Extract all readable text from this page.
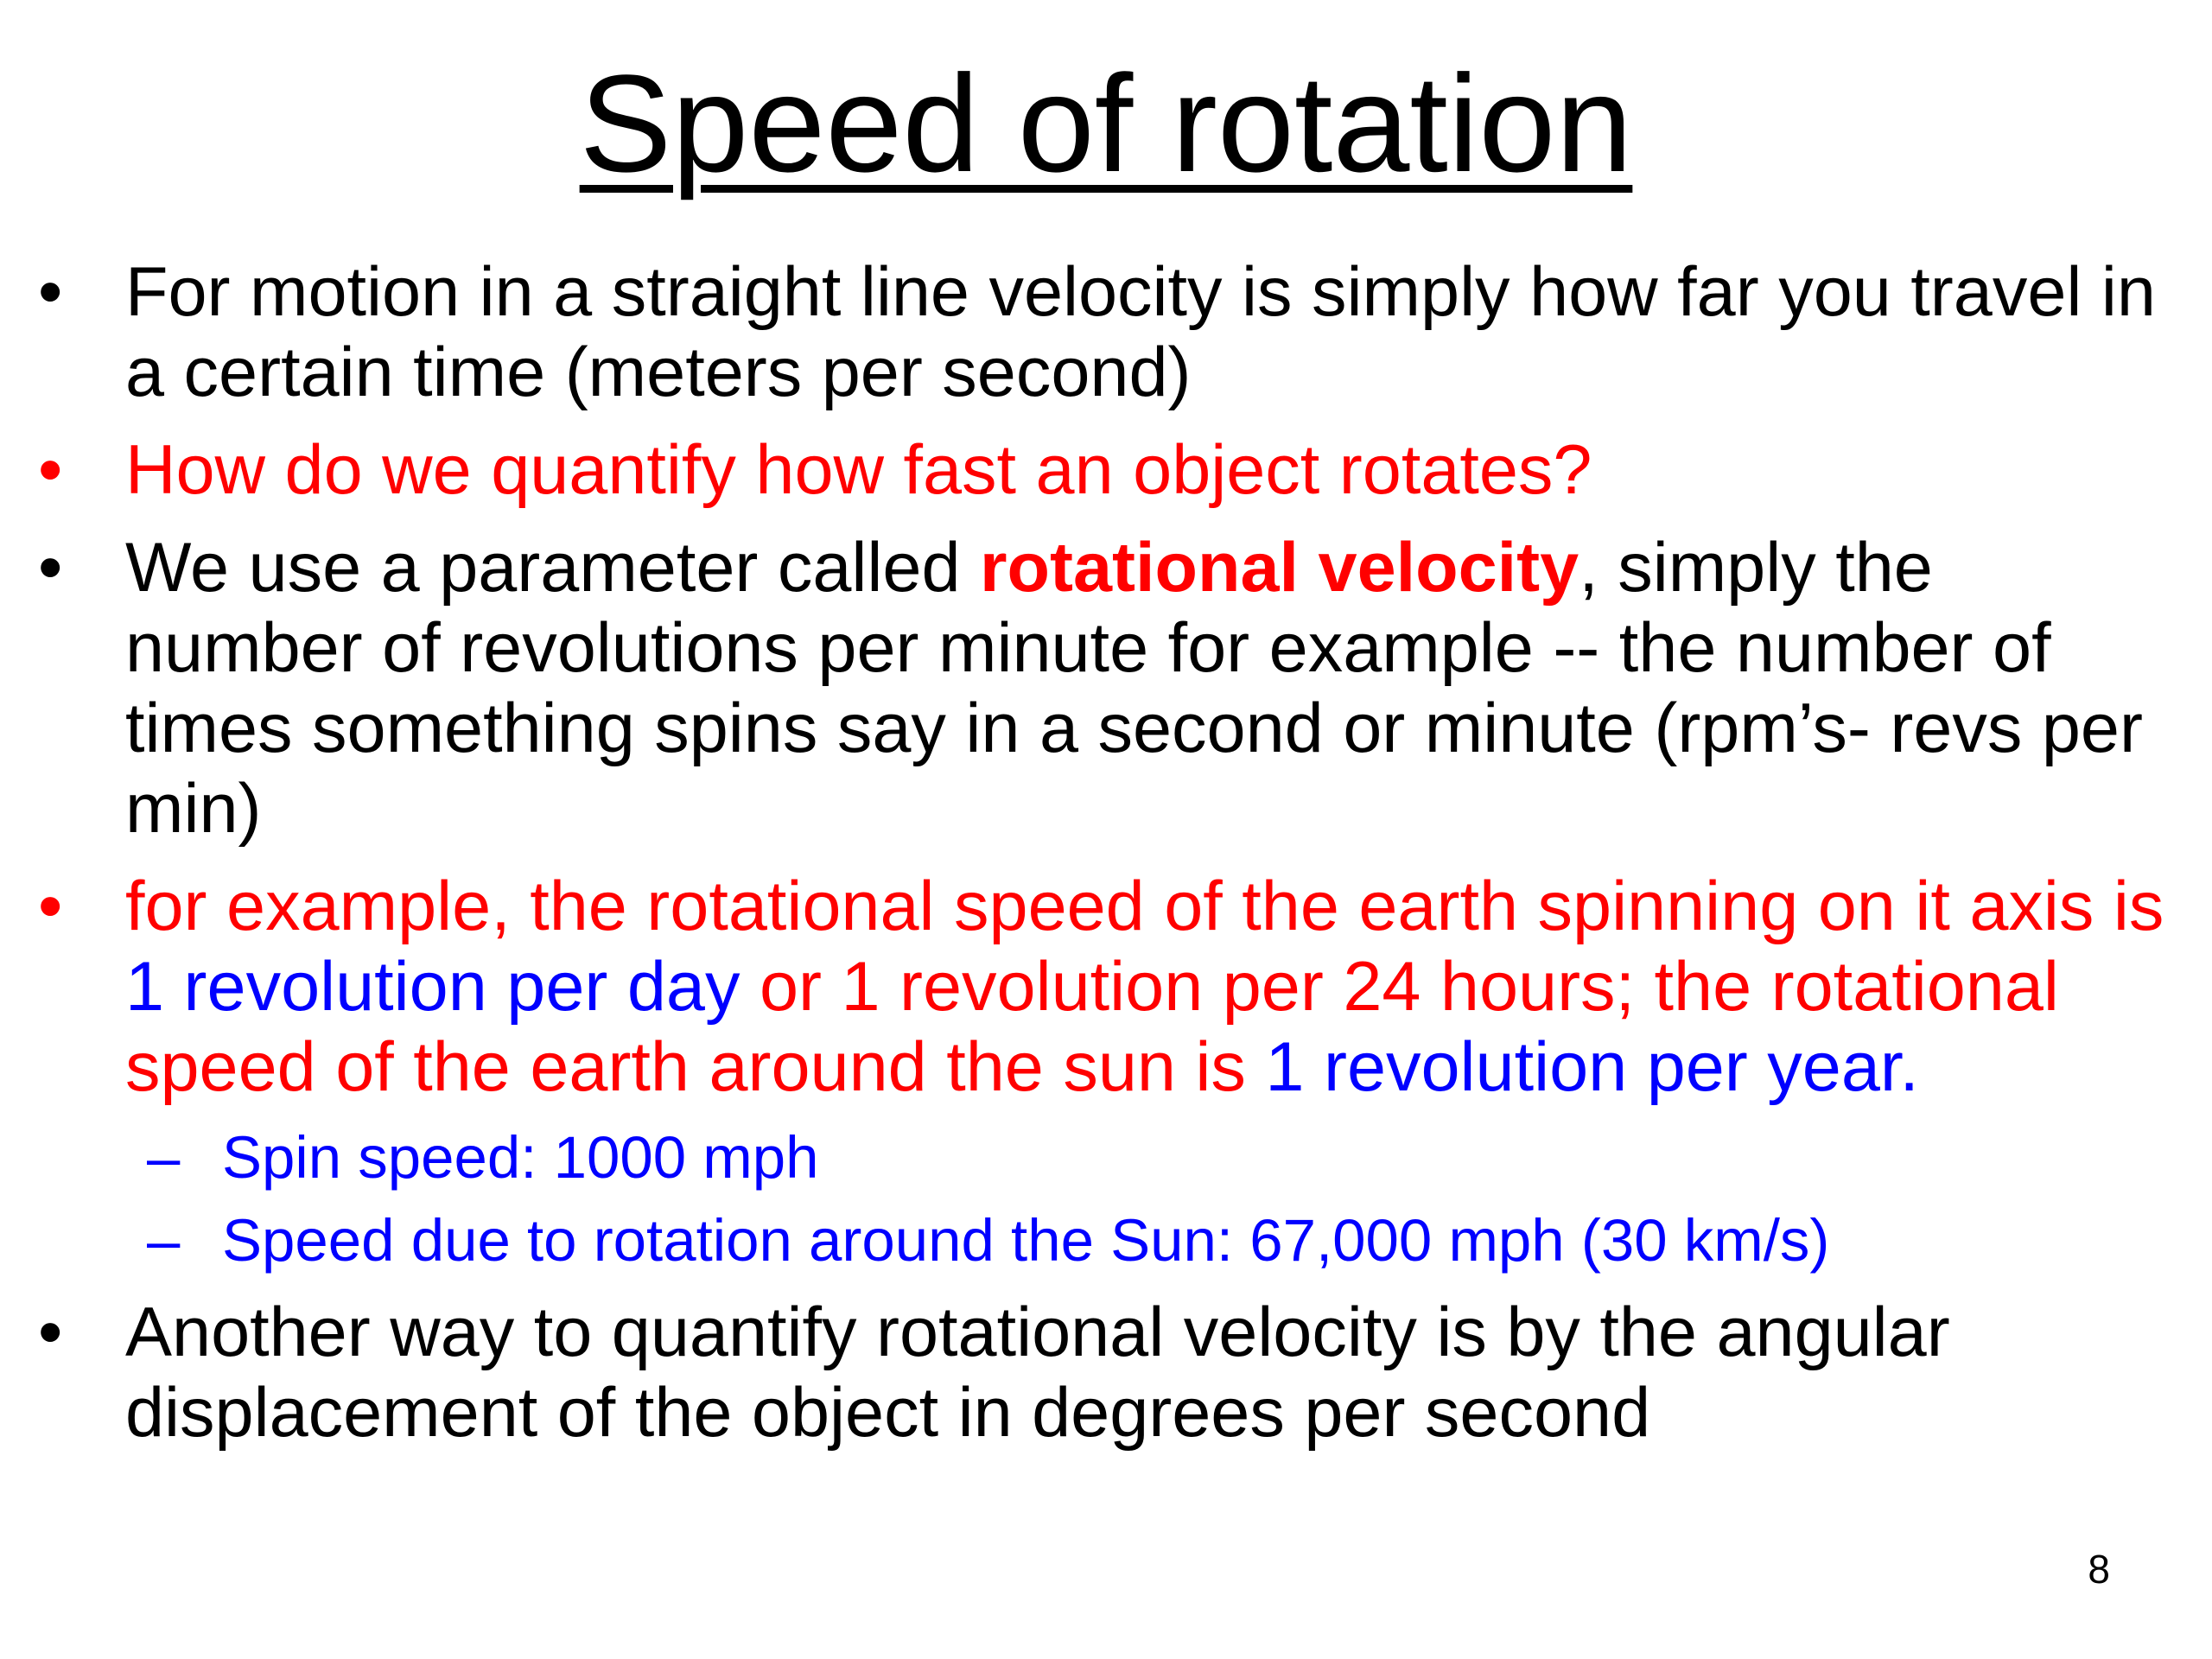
Speed of rotation
• For motion in a straight line velocity is simply how far you travel in a certain time (meters per second)
• How do we quantify how fast an object rotates?
• We use a parameter called rotational velocity, simply the number of revolutions per minute for example -- the number of times something spins say in a second or minute (rpm’s- revs per min)
• for example, the rotational speed of the earth spinning on it axis is 1 revolution per day or 1 revolution per 24 hours; the rotational speed of the earth around the sun is 1 revolution per year.
– Spin speed: 1000 mph
– Speed due to rotation around the Sun: 67,000 mph (30 km/s)
• Another way to quantify rotational velocity is by the angular displacement of the object in degrees per second
8
